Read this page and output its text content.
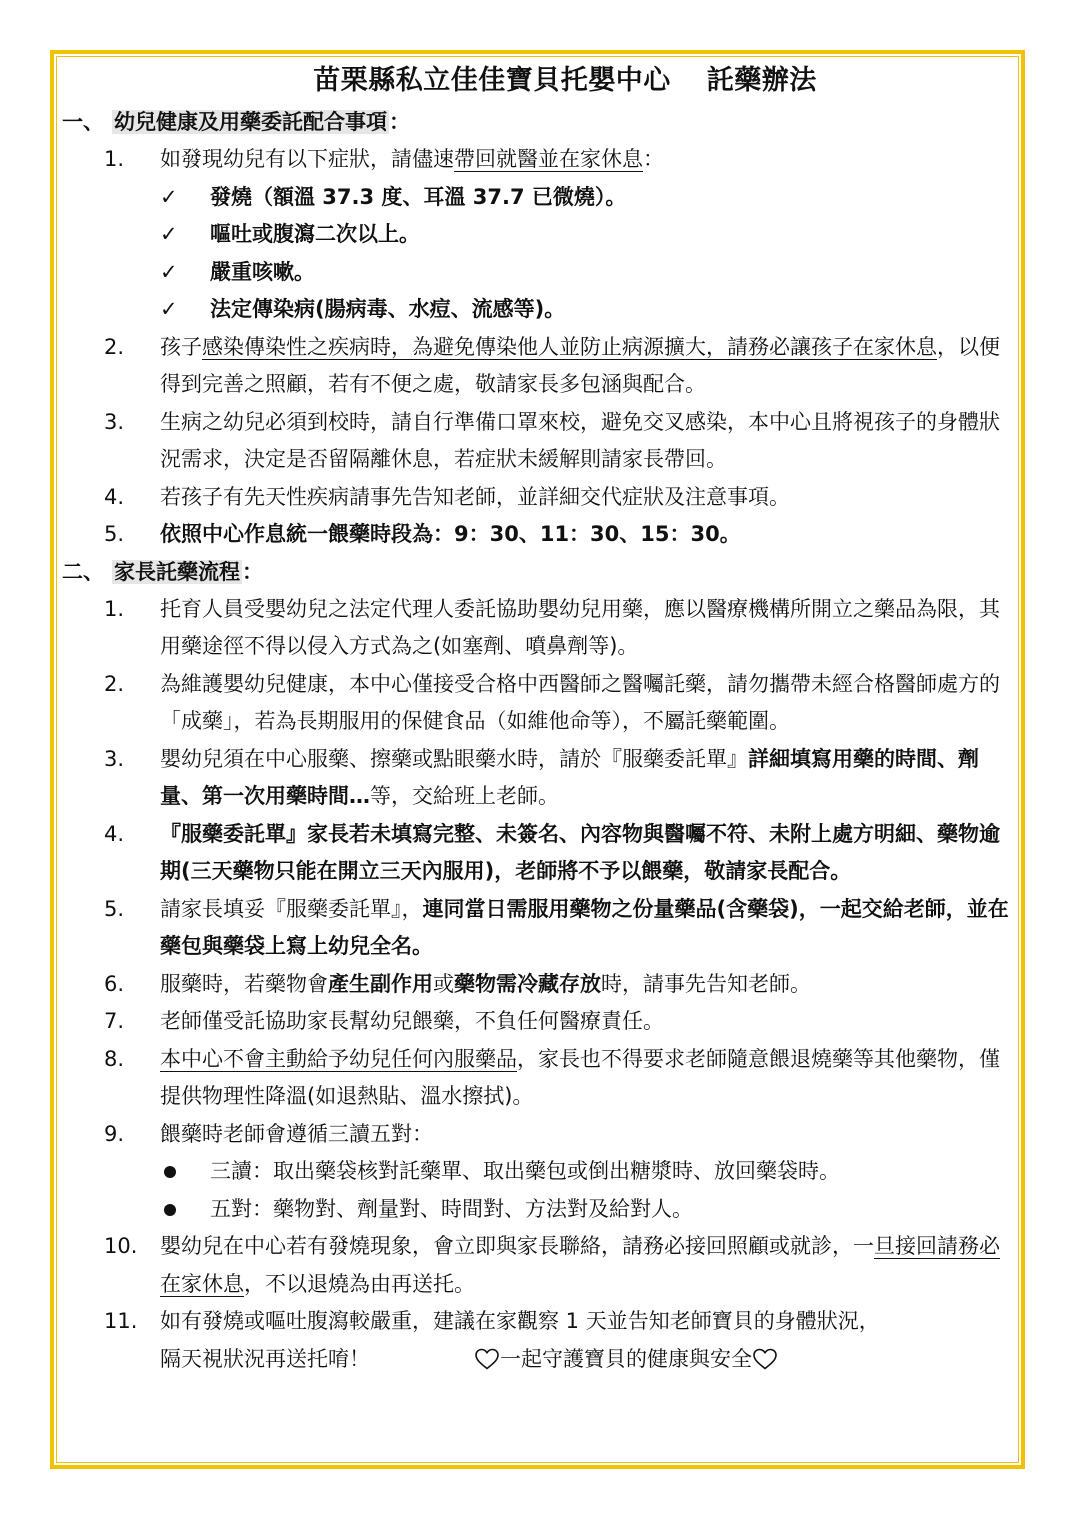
苗栗縣私立佳佳寶貝托嬰中心 託藥辦法
一、 幼兒健康及用藥委託配合事項：
1.	如發現幼兒有以下症狀，請儘速帶回就醫並在家休息：
✓ 發燒（額溫 37.3 度、耳溫 37.7 已微燒）。
✓ 嘔吐或腹瀉二次以上。
✓ 嚴重咳嗽。
✓ 法定傳染病(腸病毒、水痘、流感等)。
2.	孩子感染傳染性之疾病時，為避免傳染他人並防止病源擴大，請務必讓孩子在家休息，以便得到完善之照顧，若有不便之處，敬請家長多包涵與配合。
3.	生病之幼兒必須到校時，請自行準備口罩來校，避免交叉感染，本中心且將視孩子的身體狀況需求，決定是否留隔離休息，若症狀未緩解則請家長帶回。
4.	若孩子有先天性疾病請事先告知老師，並詳細交代症狀及注意事項。
5.	依照中心作息統一餵藥時段為：9：30、11：30、15：30。
二、 家長託藥流程：
1.	托育人員受嬰幼兒之法定代理人委託協助嬰幼兒用藥，應以醫療機構所開立之藥品為限，其用藥途徑不得以侵入方式為之(如塞劑、噴鼻劑等)。
2.	為維護嬰幼兒健康，本中心僅接受合格中西醫師之醫囑託藥，請勿攜帶未經合格醫師處方的「成藥」，若為長期服用的保健食品（如維他命等），不屬託藥範圍。
3.	嬰幼兒須在中心服藥、擦藥或點眼藥水時，請於『服藥委託單』詳細填寫用藥的時間、劑量、第一次用藥時間…等，交給班上老師。
4.	『服藥委託單』家長若未填寫完整、未簽名、內容物與醫囑不符、未附上處方明細、藥物逾期(三天藥物只能在開立三天內服用)，老師將不予以餵藥，敬請家長配合。
5.	請家長填妥『服藥委託單』，連同當日需服用藥物之份量藥品(含藥袋)，一起交給老師，並在藥包與藥袋上寫上幼兒全名。
6.	服藥時，若藥物會產生副作用或藥物需冷藏存放時，請事先告知老師。
7.	老師僅受託協助家長幫幼兒餵藥，不負任何醫療責任。
8.	本中心不會主動給予幼兒任何內服藥品，家長也不得要求老師隨意餵退燒藥等其他藥物，僅提供物理性降溫(如退熱貼、溫水擦拭)。
9.	餵藥時老師會遵循三讀五對：
三讀：取出藥袋核對託藥單、取出藥包或倒出糖漿時、放回藥袋時。
五對：藥物對、劑量對、時間對、方法對及給對人。
10.	嬰幼兒在中心若有發燒現象，會立即與家長聯絡，請務必接回照顧或就診，一旦接回請務必在家休息，不以退燒為由再送托。
11.	如有發燒或嘔吐腹瀉較嚴重，建議在家觀察 1 天並告知老師寶貝的身體狀況，
隔天視狀況再送托唷！	一起守護寶貝的健康與安全
